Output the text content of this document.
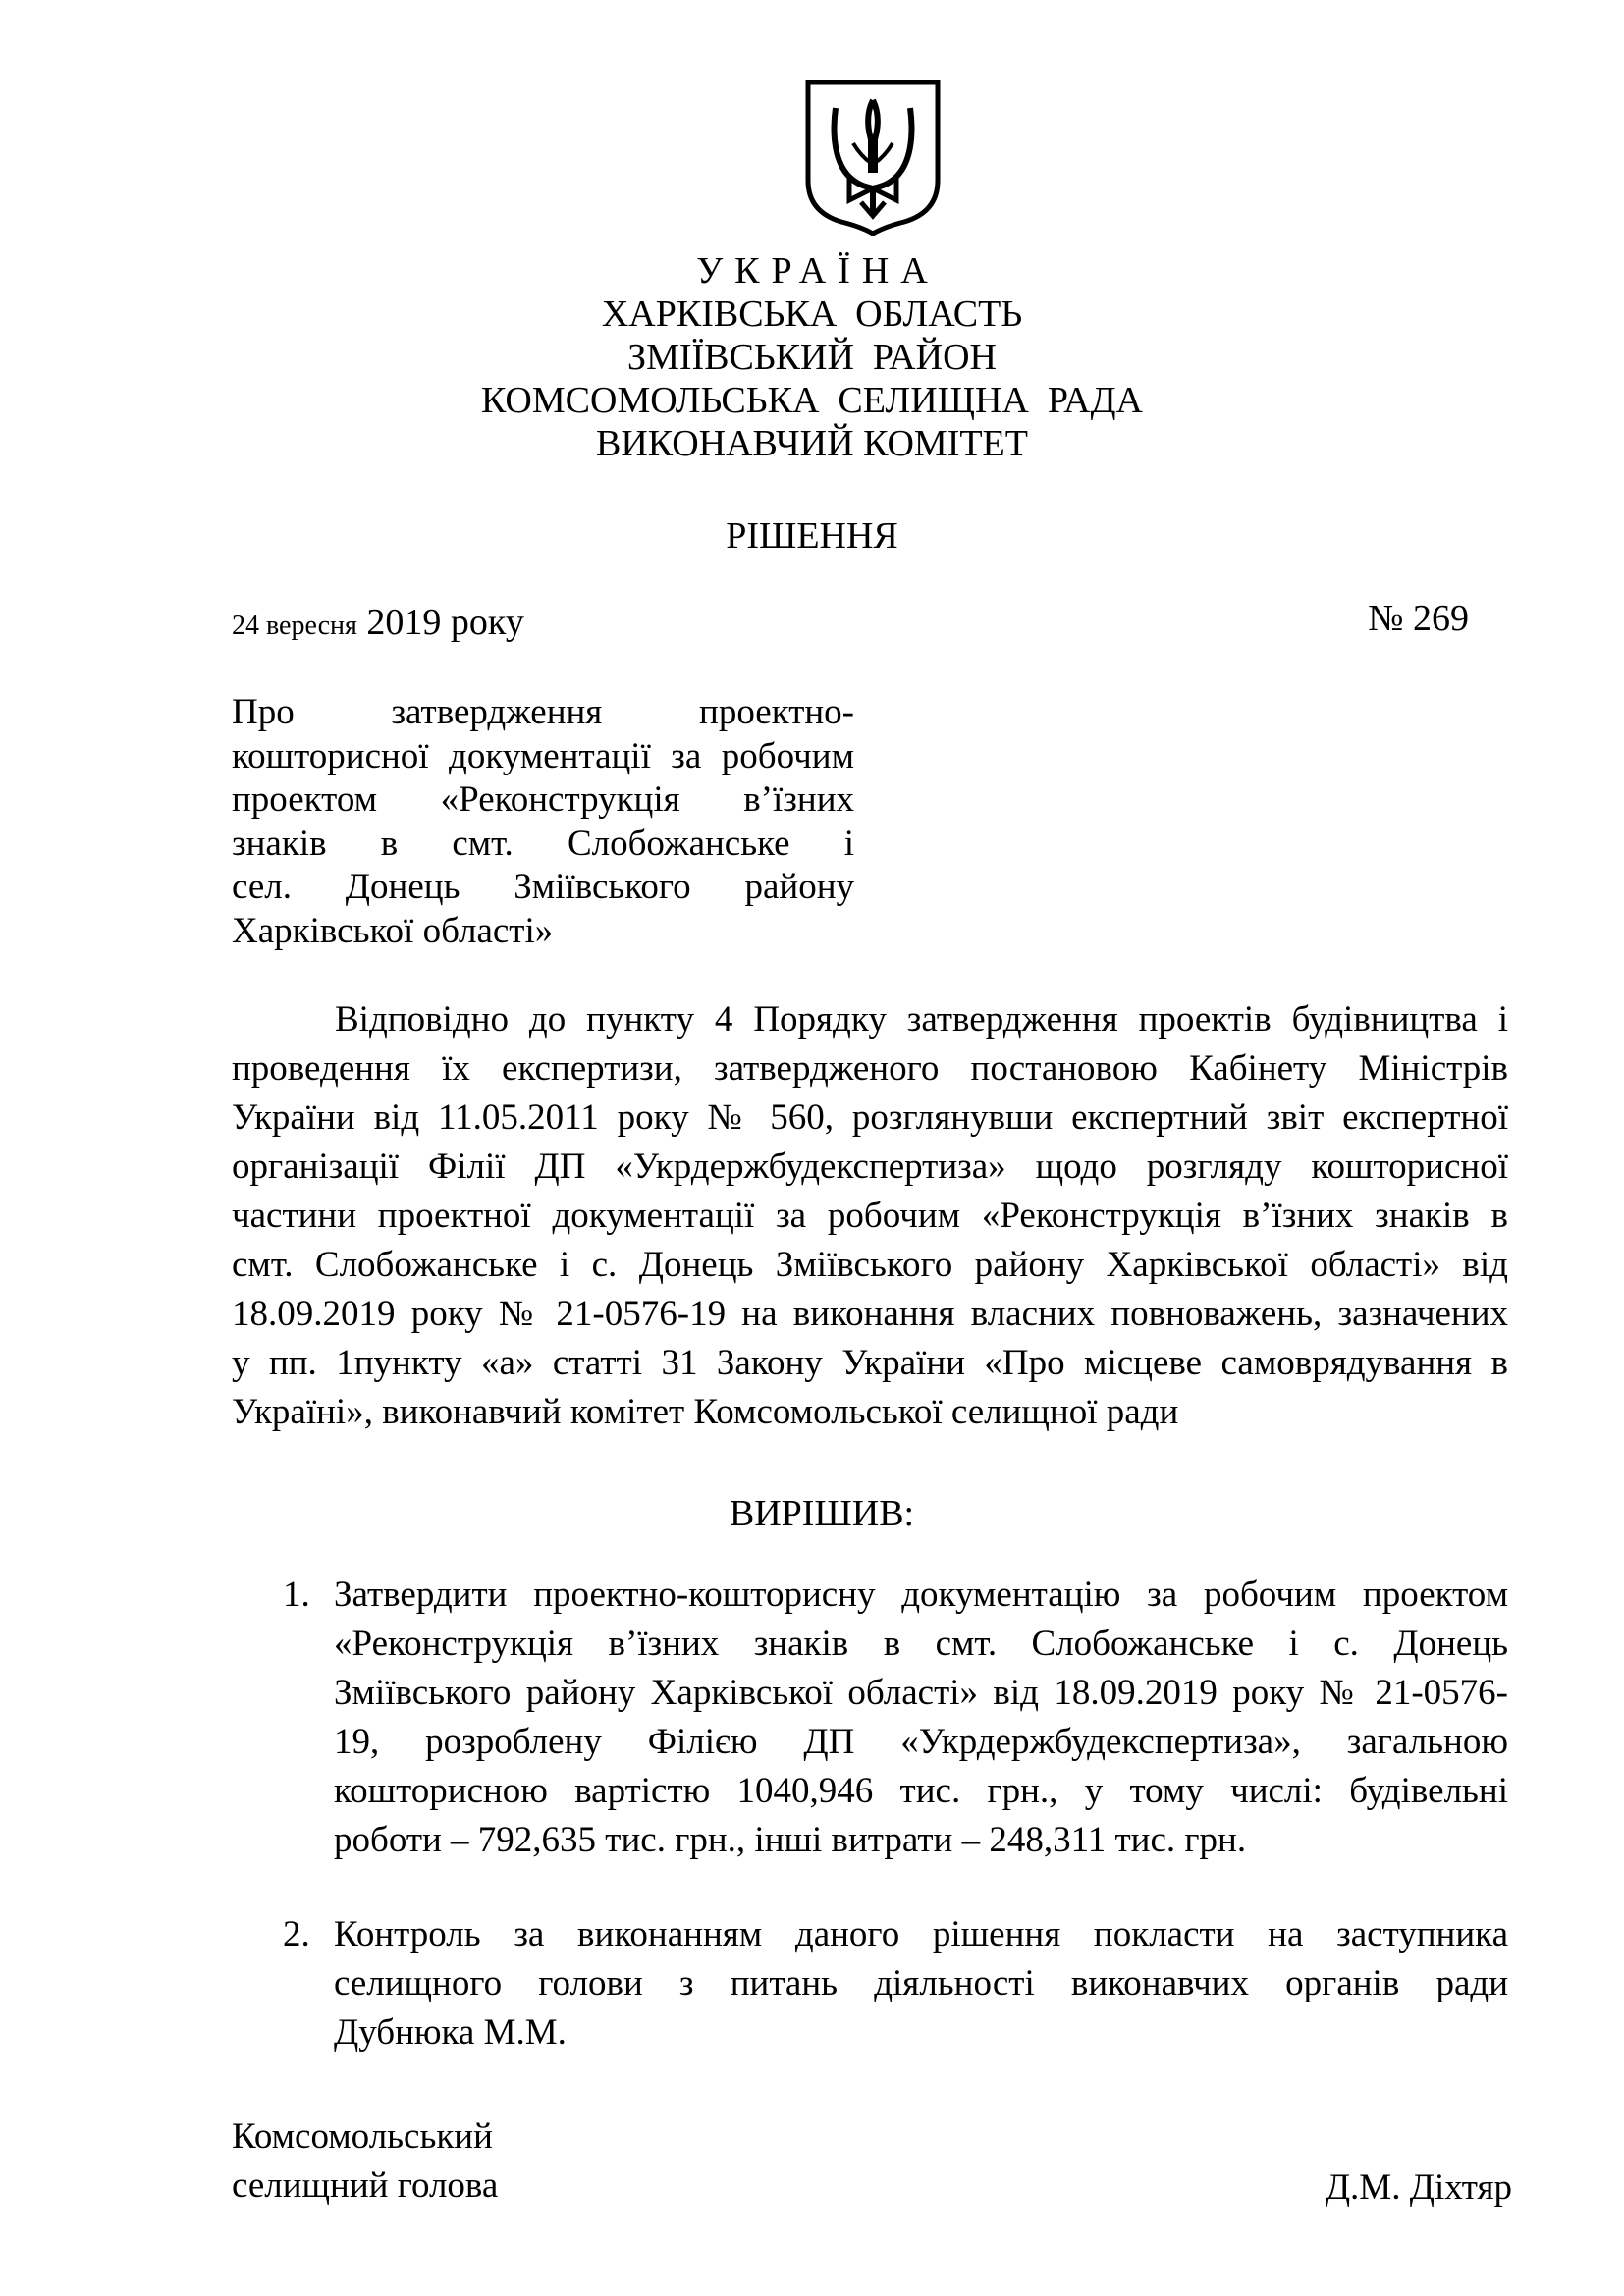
УКРАЇНА
ХАРКІВСЬКА  ОБЛАСТЬ
ЗМІЇВСЬКИЙ  РАЙОН
КОМСОМОЛЬСЬКА  СЕЛИЩНА  РАДА
ВИКОНАВЧИЙ КОМІТЕТ
РІШЕННЯ
24 вересня 2019 року	№ 269
Про затвердження проектно-
кошторисної документації за робочим
проектом «Реконструкція в’їзних
знаків в смт. Слобожанське і
сел. Донець Зміївського району
Харківської області»
Відповідно до пункту 4 Порядку затвердження проектів будівництва і
проведення їх експертизи, затвердженого постановою Кабінету Міністрів
України від 11.05.2011 року № 560, розглянувши експертний звіт експертної
організації Філії ДП «Укрдержбудекспертиза» щодо розгляду кошторисної
частини проектної документації за робочим «Реконструкція в’їзних знаків в
смт. Слобожанське і с. Донець Зміївського району Харківської області» від
18.09.2019 року № 21-0576-19 на виконання власних повноважень, зазначених
у пп. 1пункту «а» статті 31 Закону України «Про місцеве самоврядування в
Україні», виконавчий комітет Комсомольської селищної ради
ВИРІШИВ:
1. Затвердити проектно-кошторисну документацію за робочим проектом
«Реконструкція в’їзних знаків в смт. Слобожанське і с. Донець
Зміївського району Харківської області» від 18.09.2019 року № 21-0576-
19, розроблену Філією ДП «Укрдержбудекспертиза», загальною
кошторисною вартістю 1040,946 тис. грн., у тому числі: будівельні
роботи – 792,635 тис. грн., інші витрати – 248,311 тис. грн.
2. Контроль за виконанням даного рішення покласти на заступника
селищного голови з питань діяльності виконавчих органів ради
Дубнюка М.М.
Комсомольський
селищний голова	Д.М. Діхтяр
